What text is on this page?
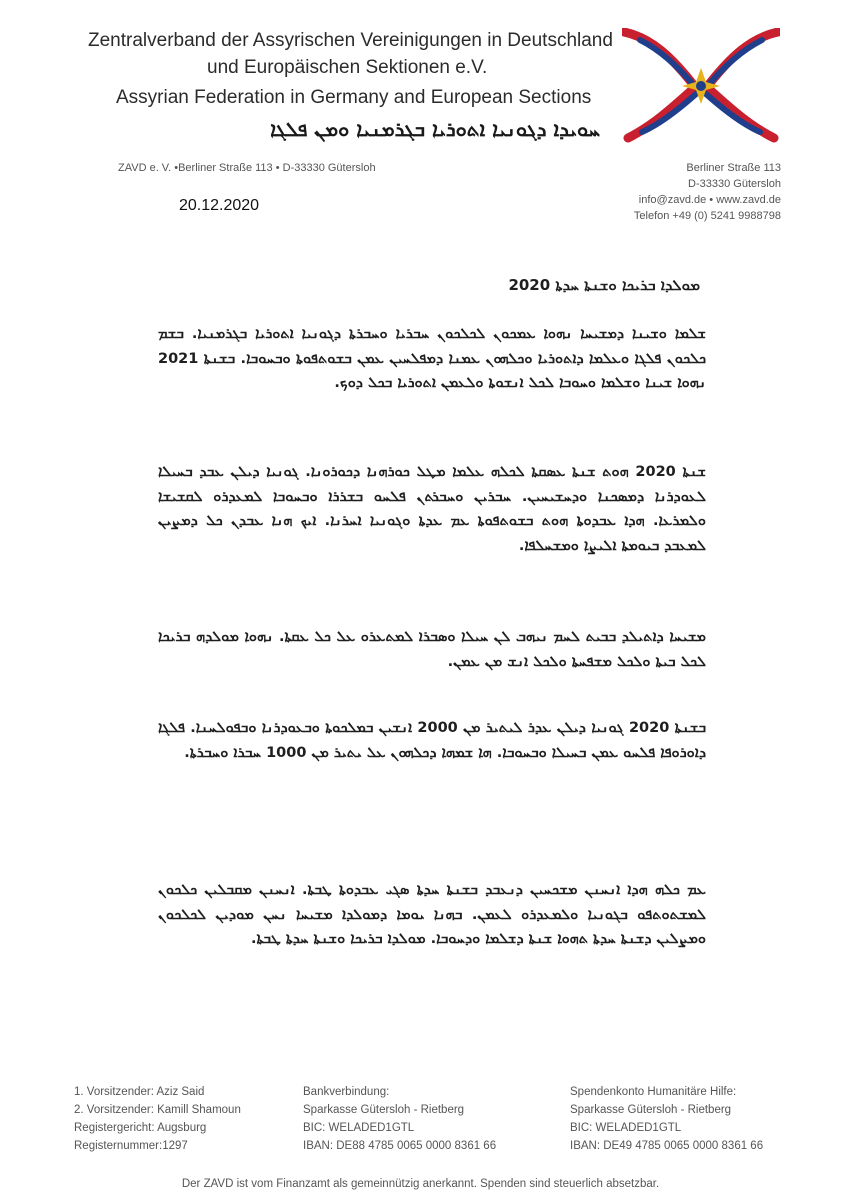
Zentralverband der Assyrischen Vereinigungen in Deutschland
und Europäischen Sektionen e.V.
Assyrian Federation in Germany and European Sections
ܚܘܝܕܐ ܕܓܘܢܝܐ ܐܬܘܪܝܐ ܒܓܪܡܢܝܐ ܘܡܢ ܦܠܓܐ	ZAVD
ZAVD e. V. •Berliner Straße 113 • D-33330 Gütersloh
20.12.2020
Berliner Straße 113
D-33330 Gütersloh
info@zavd.de • www.zavd.de
Telefon +49 (0) 5241 9988798
ܡܘܠܕܐ ܒܪܝܟܐ ܘܫܢܬܐ ܚܕܬܐ 2020
ܫܠܡܐ ܘܫܝܢܐ ܕܡܫܝܚܐ ܢܗܘܐ ܥܡܟܘܢ ܠܟܠܟܘܢ ܚܒܪܝܐ ܘܚܒܪܬܐ ܕܓܘܢܝܐ ܐܬܘܪܝܐ ܒܓܪܡܢܝܐ. ܒܫܡ ܟܠܟܘܢ ܦܠܓܐ ܘܥܠܡܐ ܕܐܬܘܪܝܐ ܘܟܠܗܘܢ ܥܡܢܐ ܕܡܦܠܚܝܢ ܥܡܢ ܒܫܘܬܦܘܬܐ ܘܒܚܘܒܐ. ܒܫܢܬܐ 2021 ܢܗܘܐ ܫܝܢܐ ܘܫܠܡܐ ܘܚܘܒܐ ܠܟܠ ܐܢܫܘܬܐ ܘܠܥܡܢ ܐܬܘܪܝܐ ܒܟܠ ܕܘܟ.
ܫܢܬܐ 2020 ܗܘܬ ܫܢܬܐ ܥܣܩܬܐ ܠܟܠܗ ܥܠܡܐ ܡܛܠ ܟܘܪܗܢܐ ܕܟܘܪܘܢܐ. ܓܘܢܝܐ ܕܝܠܢ ܥܒܕ ܒܚܝܠܐ ܠܥܘܕܪܢܐ ܕܡܣܟܢܐ ܘܕܚܫܝܚܝܢ. ܚܒܪܝܢ ܘܚܒܪܬܢ ܦܠܚܘ ܒܫܪܪܐ ܘܒܚܘܒܐ ܠܡܥܕܪܘ ܠܩܫܝܫܐ ܘܠܡܪܥܐ. ܗܕܐ ܥܒܕܘܬܐ ܗܘܬ ܒܫܘܬܦܘܬܐ ܥܡ ܥܕܬܐ ܘܓܘܢܝܐ ܐܚܪܢܐ. ܐܝܟ ܗܢܐ ܥܒܕܢ ܟܠ ܕܡܨܝܢ ܠܡܥܒܕ ܒܝܘܡܬܐ ܐܠܝܨܐ ܘܡܫܚܠܦܐ.
ܡܫܝܚܐ ܕܐܬܝܠܕ ܒܒܝܬ ܠܚܡ ܢܝܗܒ ܠܢ ܚܝܠܐ ܘܣܒܪܐ ܠܡܬܥܪܘ ܥܠ ܟܠ ܥܩܬܐ. ܢܗܘܐ ܡܘܠܕܗ ܒܪܝܟܐ ܠܟܠ ܒܝܬܐ ܘܠܟܠ ܡܫܦܚܬܐ ܘܠܟܠ ܐܢܫ ܡܢ ܥܡܢ.
ܒܫܢܬܐ 2020 ܓܘܢܝܐ ܕܝܠܢ ܥܕܪ ܠܝܬܝܪ ܡܢ 2000 ܐܢܫܝܢ ܒܡܠܟܘܬܐ ܘܒܥܘܕܪܢܐ ܘܒܦܘܠܚܢܐ. ܦܠܓܐ ܕܐܘܪܘܦܐ ܦܠܚܘ ܥܡܢ ܒܚܝܠܐ ܘܒܚܘܒܐ. ܗܐ ܫܡܗܐ ܕܟܠܗܘܢ ܥܠ ܝܬܝܪ ܡܢ 1000 ܚܒܪܐ ܘܚܒܪܬܐ.
ܥܡ ܟܠܗ ܗܕܐ ܐܢܚܢܢ ܡܫܟܚܝܢ ܕܢܥܒܕ ܒܫܢܬܐ ܚܕܬܐ ܣܓܝ ܥܒܕܘܬܐ ܛܒܬܐ. ܐܢܚܢܢ ܡܩܒܠܝܢ ܟܠܟܘܢ ܠܡܫܬܘܬܦܘ ܒܓܘܢܝܐ ܘܠܡܥܕܪܘ ܠܥܡܢ. ܒܗܢܐ ܝܘܡܐ ܕܡܘܠܕܐ ܡܫܝܚܐ ܢܚܢ ܡܘܕܝܢ ܠܟܠܟܘܢ ܘܡܨܠܝܢ ܕܫܢܬܐ ܚܕܬܐ ܬܗܘܐ ܫܢܬܐ ܕܫܠܡܐ ܘܕܚܘܒܐ. ܡܘܠܕܐ ܒܪܝܟܐ ܘܫܢܬܐ ܚܕܬܐ ܛܒܬܐ.
1. Vorsitzender: Aziz Said
2. Vorsitzender: Kamill Shamoun
Registergericht: Augsburg
Registernummer:1297
Bankverbindung:
Sparkasse Gütersloh - Rietberg
BIC: WELADED1GTL
IBAN: DE88 4785 0065 0000 8361 66
Spendenkonto Humanitäre Hilfe:
Sparkasse Gütersloh - Rietberg
BIC: WELADED1GTL
IBAN: DE49 4785 0065 0000 8361 66
Der ZAVD ist vom Finanzamt als gemeinnützig anerkannt. Spenden sind steuerlich absetzbar.
